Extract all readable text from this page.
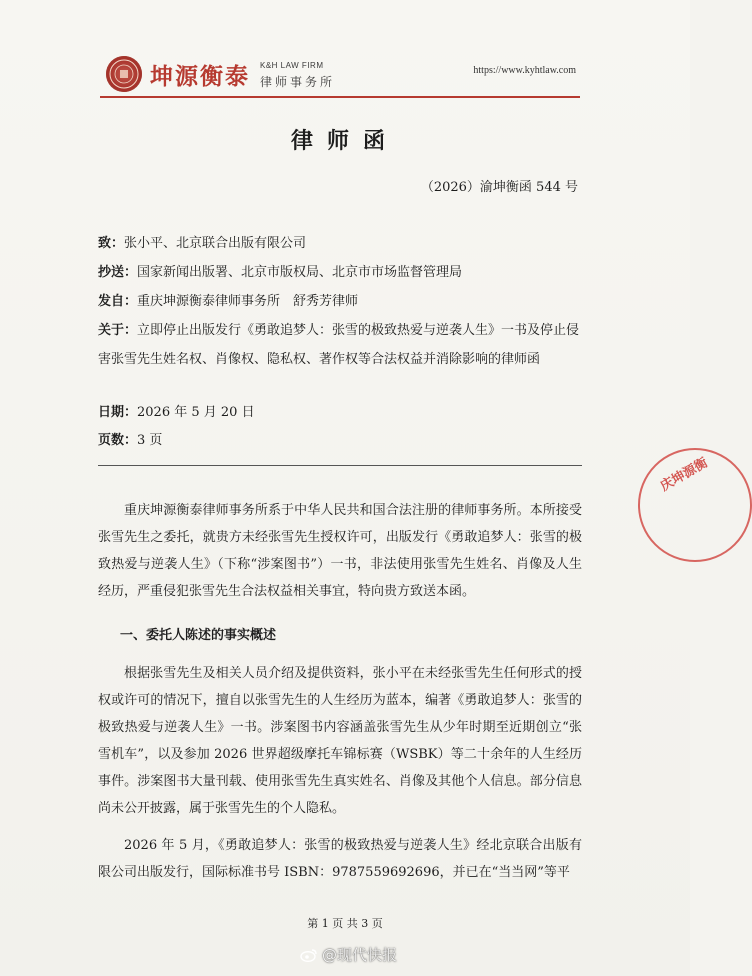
坤源衡泰 K&H LAW FIRM
律师事务所
https://www.kyhtlaw.com
律师函
（2026）渝坤衡函 544 号
致：张小平、北京联合出版有限公司
抄送：国家新闻出版署、北京市版权局、北京市市场监督管理局
发自：重庆坤源衡泰律师事务所　舒秀芳律师
关于：立即停止出版发行《勇敢追梦人：张雪的极致热爱与逆袭人生》一书及停止侵害张雪先生姓名权、肖像权、隐私权、著作权等合法权益并消除影响的律师函
日期：2026 年 5 月 20 日
页数：3 页
重庆坤源衡泰律师事务所系于中华人民共和国合法注册的律师事务所。本所接受张雪先生之委托，就贵方未经张雪先生授权许可，出版发行《勇敢追梦人：张雪的极致热爱与逆袭人生》（下称“涉案图书”）一书，非法使用张雪先生姓名、肖像及人生经历，严重侵犯张雪先生合法权益相关事宜，特向贵方致送本函。
一、委托人陈述的事实概述
根据张雪先生及相关人员介绍及提供资料，张小平在未经张雪先生任何形式的授权或许可的情况下，擅自以张雪先生的人生经历为蓝本，编著《勇敢追梦人：张雪的极致热爱与逆袭人生》一书。涉案图书内容涵盖张雪先生从少年时期至近期创立“张雪机车”，以及参加 2026 世界超级摩托车锦标赛（WSBK）等二十余年的人生经历事件。涉案图书大量刊载、使用张雪先生真实姓名、肖像及其他个人信息。部分信息尚未公开披露，属于张雪先生的个人隐私。
2026 年 5 月，《勇敢追梦人：张雪的极致热爱与逆袭人生》经北京联合出版有限公司出版发行，国际标准书号 ISBN：9787559692696，并已在“当当网”等平
第 1 页 共 3 页
庆坤源衡
@现代快报
